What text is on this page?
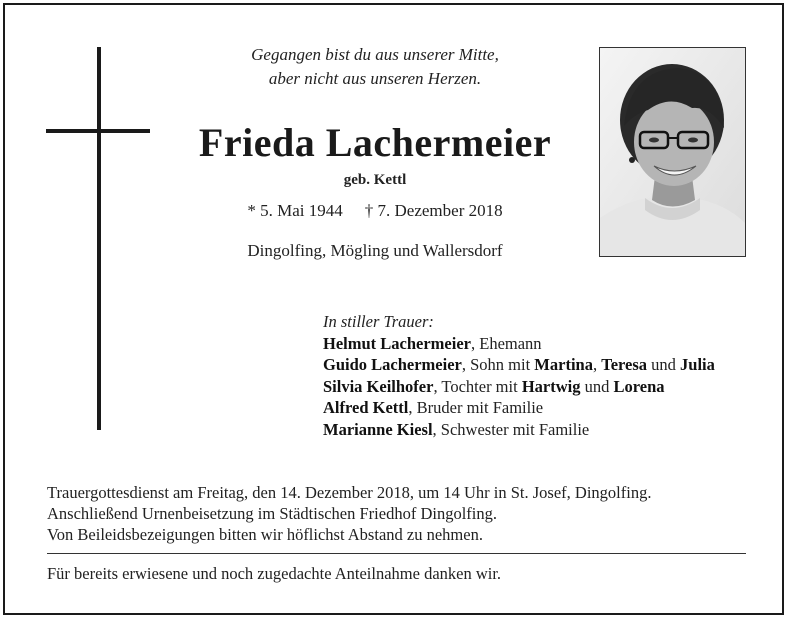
Gegangen bist du aus unserer Mitte,
aber nicht aus unseren Herzen.
Frieda Lachermeier
geb. Kettl
* 5. Mai 1944 † 7. Dezember 2018
Dingolfing, Mögling und Wallersdorf
In stiller Trauer:
Helmut Lachermeier, Ehemann
Guido Lachermeier, Sohn mit Martina, Teresa und Julia
Silvia Keilhofer, Tochter mit Hartwig und Lorena
Alfred Kettl, Bruder mit Familie
Marianne Kiesl, Schwester mit Familie
Trauergottesdienst am Freitag, den 14. Dezember 2018, um 14 Uhr in St. Josef, Dingolfing.
Anschließend Urnenbeisetzung im Städtischen Friedhof Dingolfing.
Von Beileidsbezeigungen bitten wir höflichst Abstand zu nehmen.
Für bereits erwiesene und noch zugedachte Anteilnahme danken wir.
